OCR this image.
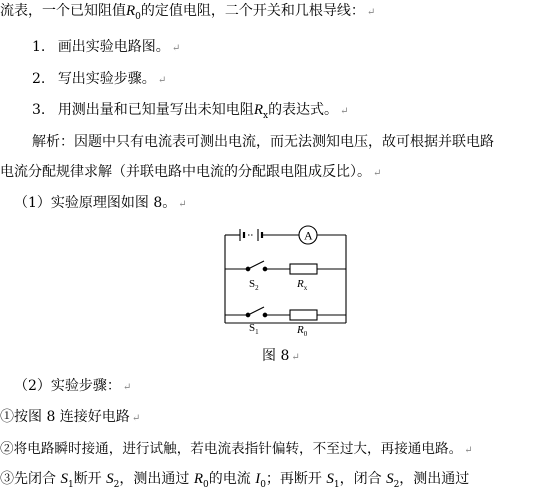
流表，一个已知阻值$R_0$的定值电阻，二个开关和几根导线： ↵
1. 画出实验电路图。 ↵
2. 写出实验步骤。 ↵
3. 用测出量和已知量写出未知电阻$R_x$的表达式。 ↵
解析：因题中只有电流表可测出电流，而无法测知电压，故可根据并联电路
电流分配规律求解（并联电路中电流的分配跟电阻成反比）。 ↵
（1）实验原理图如图 8。 ↵
A
$S_2$	$R_x$
$S_1$	$R_0$
图 8 ↵
（2）实验步骤： ↵
①按图 8 连接好电路 ↵
②将电路瞬时接通，进行试触，若电流表指针偏转，不至过大，再接通电路。 ↵
③先闭合 $S_1$断开 $S_2$，测出通过 $R_0$的电流 $I_0$；再断开 $S_1$，闭合 $S_2$，测出通过
